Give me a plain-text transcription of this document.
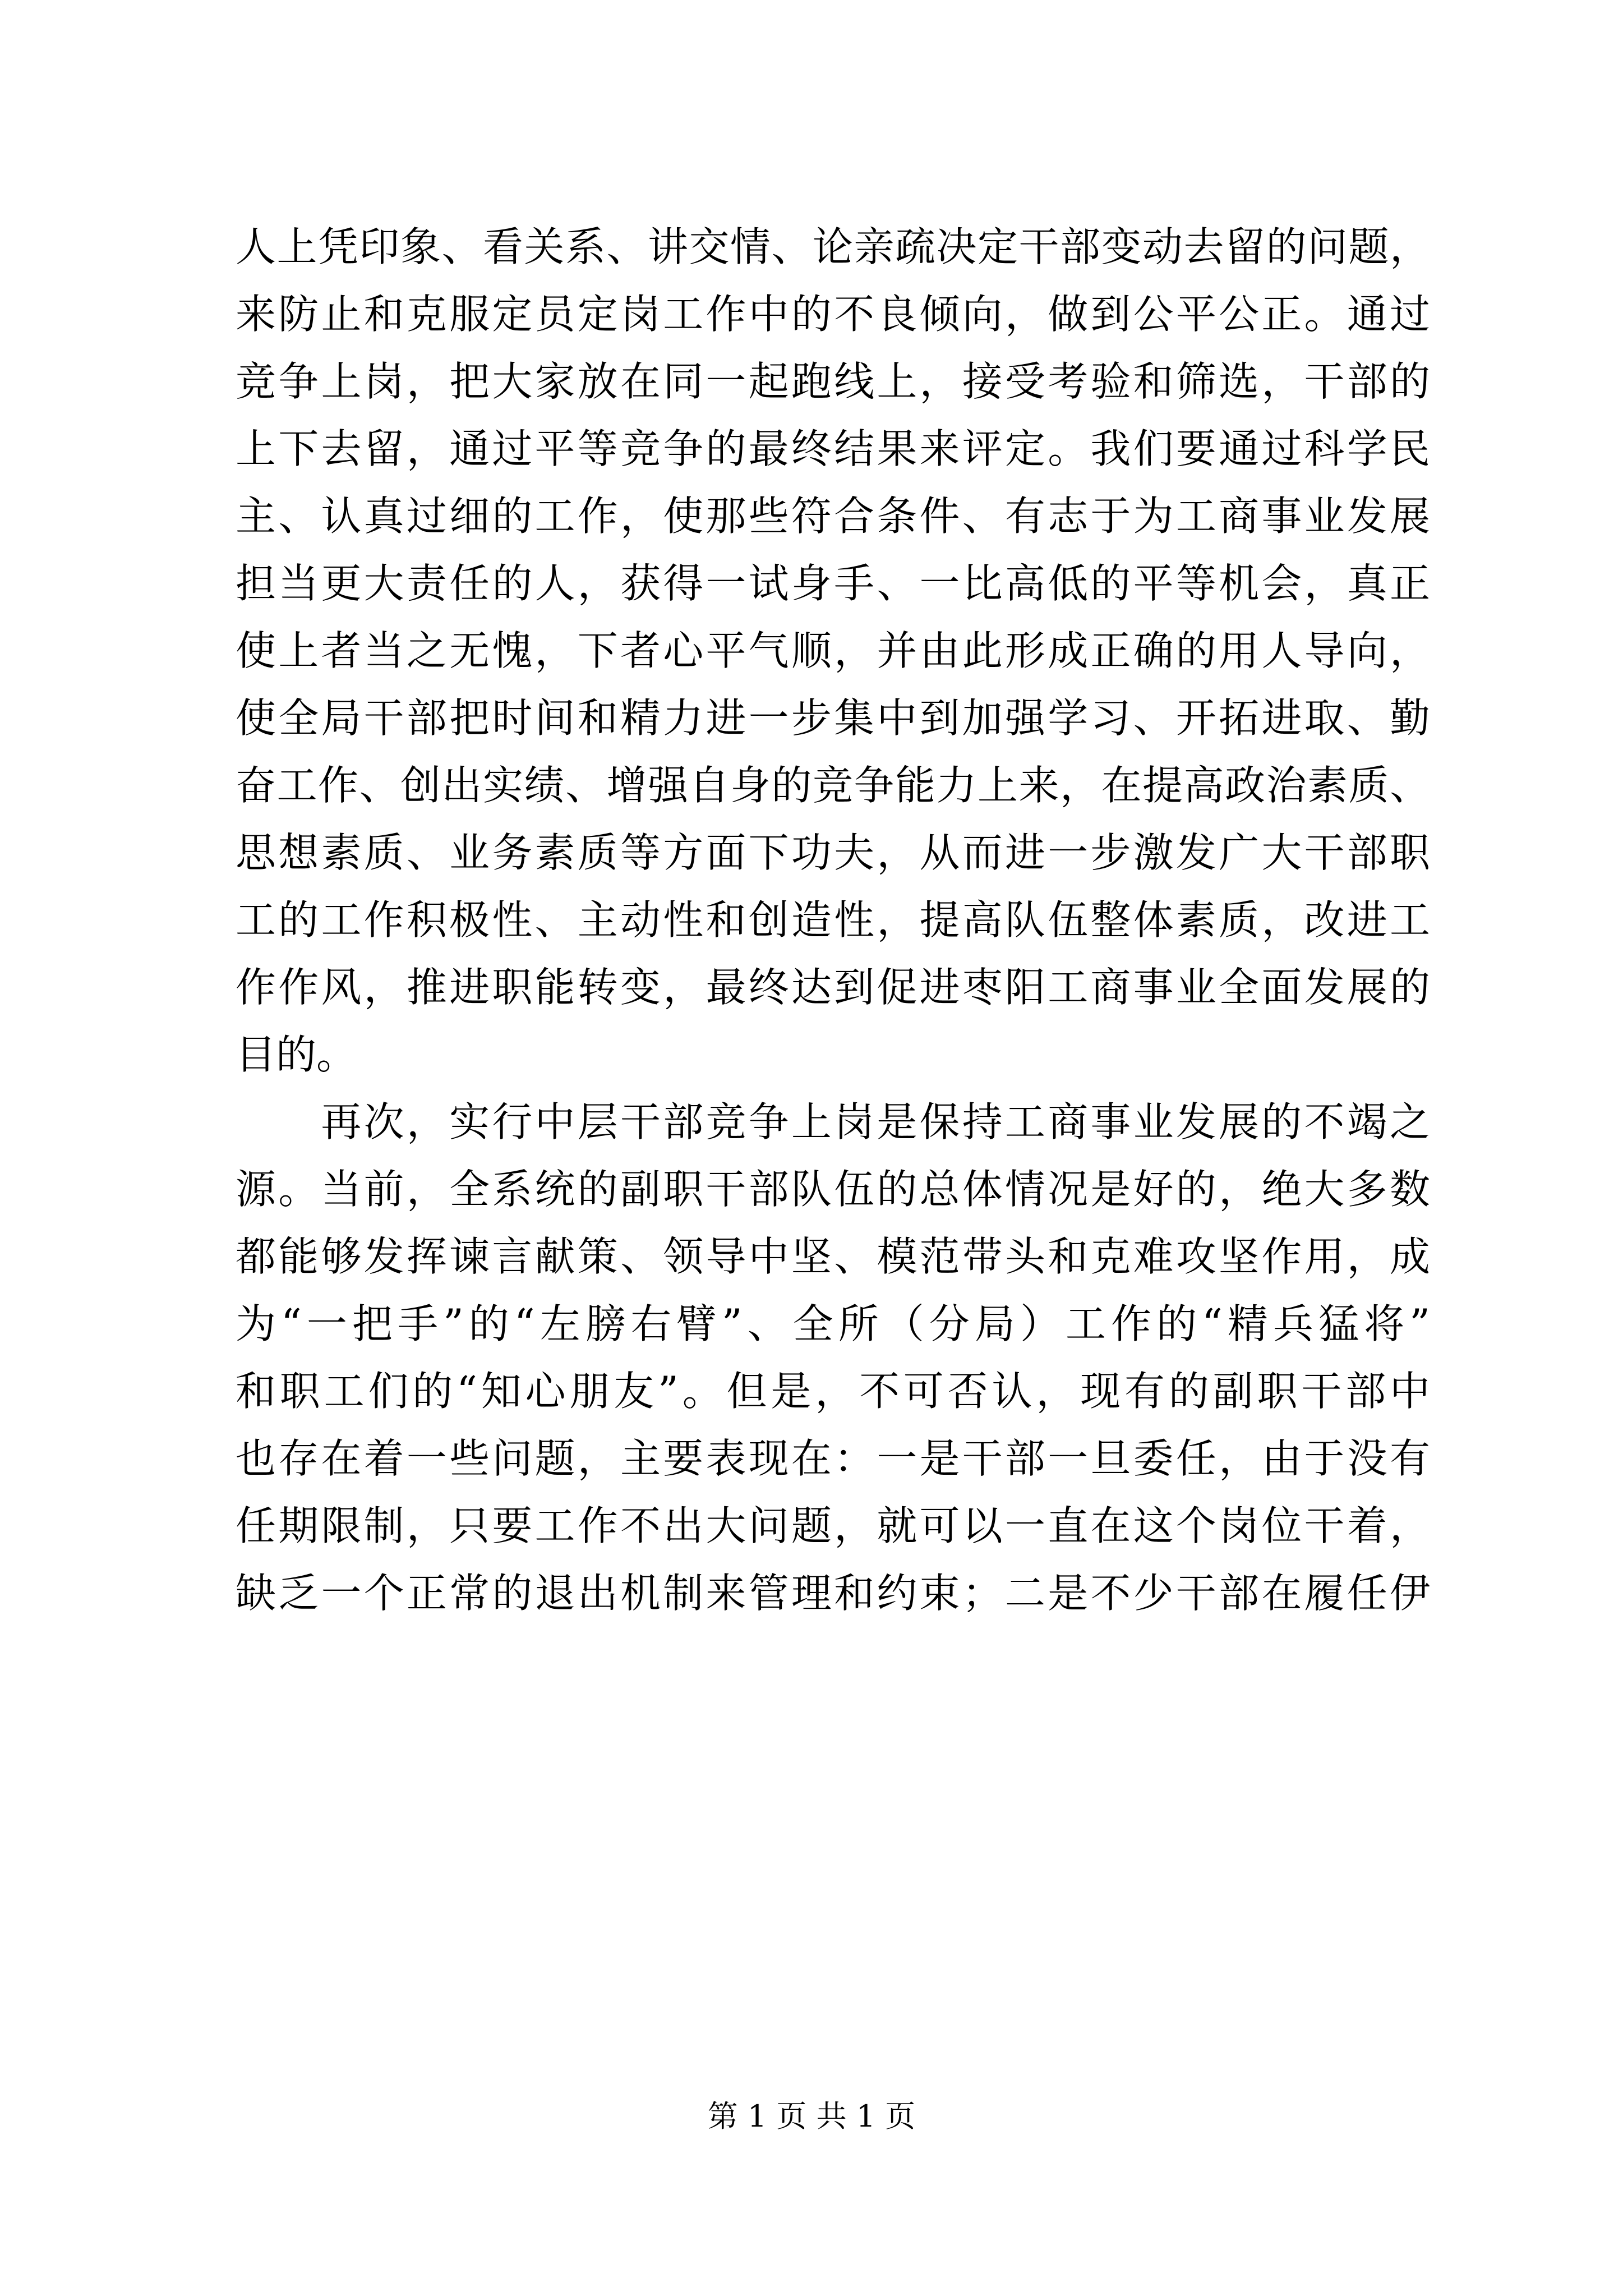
人上凭印象、看关系、讲交情、论亲疏决定干部变动去留的问题，
来防止和克服定员定岗工作中的不良倾向，做到公平公正。通过
竞争上岗，把大家放在同一起跑线上，接受考验和筛选，干部的
上下去留，通过平等竞争的最终结果来评定。我们要通过科学民
主、认真过细的工作，使那些符合条件、有志于为工商事业发展
担当更大责任的人，获得一试身手、一比高低的平等机会，真正
使上者当之无愧，下者心平气顺，并由此形成正确的用人导向，
使全局干部把时间和精力进一步集中到加强学习、开拓进取、勤
奋工作、创出实绩、增强自身的竞争能力上来，在提高政治素质、
思想素质、业务素质等方面下功夫，从而进一步激发广大干部职
工的工作积极性、主动性和创造性，提高队伍整体素质，改进工
作作风，推进职能转变，最终达到促进枣阳工商事业全面发展的
目的。
　　再次，实行中层干部竞争上岗是保持工商事业发展的不竭之
源。当前，全系统的副职干部队伍的总体情况是好的，绝大多数
都能够发挥谏言献策、领导中坚、模范带头和克难攻坚作用，成
为“一把手”的“左膀右臂”、全所（分局）工作的“精兵猛将”
和职工们的“知心朋友”。但是，不可否认，现有的副职干部中
也存在着一些问题，主要表现在：一是干部一旦委任，由于没有
任期限制，只要工作不出大问题，就可以一直在这个岗位干着，
缺乏一个正常的退出机制来管理和约束；二是不少干部在履任伊
第 1 页 共 1 页
